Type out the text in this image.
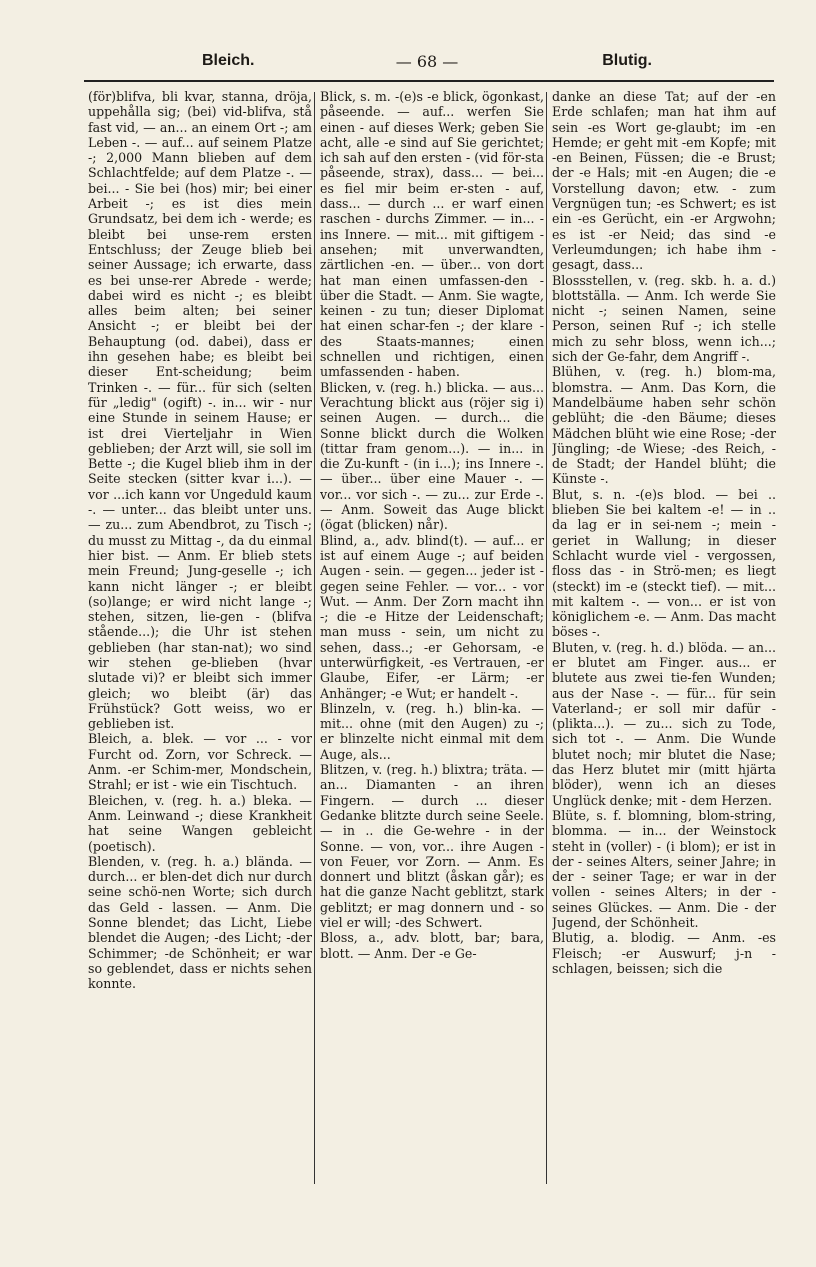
Bleich.	— 68 —	Blutig.

(för)blifva, bli kvar, stanna, dröja, uppehålla sig; (bei) vid-blifva, stå fast vid, — an... an einem Ort -; am Leben -. — auf... auf seinem Platze -; 2,000 Mann blieben auf dem Schlachtfelde; auf dem Platze -. — bei... - Sie bei (hos) mir; bei einer Arbeit -; es ist dies mein Grundsatz, bei dem ich - werde; es bleibt bei unse-rem ersten Entschluss; der Zeuge blieb bei seiner Aussage; ich erwarte, dass es bei unse-rer Abrede - werde; dabei wird es nicht -; es bleibt alles beim alten; bei seiner Ansicht -; er bleibt bei der Behauptung (od. dabei), dass er ihn gesehen habe; es bleibt bei dieser Ent-scheidung; beim Trinken -. — für... für sich (selten für „ledig" (ogift) -. in... wir - nur eine Stunde in seinem Hause; er ist drei Vierteljahr in Wien geblieben; der Arzt will, sie soll im Bette -; die Kugel blieb ihm in der Seite stecken (sitter kvar i...). — vor ...ich kann vor Ungeduld kaum -. — unter... das bleibt unter uns. — zu... zum Abendbrot, zu Tisch -; du musst zu Mittag -, da du einmal hier bist. — Anm. Er blieb stets mein Freund; Jung-geselle -; ich kann nicht länger -; er bleibt (so)lange; er wird nicht lange -; stehen, sitzen, lie-gen - (blifva stående...); die Uhr ist stehen geblieben (har stan-nat); wo sind wir stehen ge-blieben (hvar slutade vi)? er bleibt sich immer gleich; wo bleibt (är) das Frühstück? Gott weiss, wo er geblieben ist.

Bleich, a. blek. — vor ... - vor Furcht od. Zorn, vor Schreck. — Anm. -er Schim-mer, Mondschein, Strahl; er ist - wie ein Tischtuch.

Bleichen, v. (reg. h. a.) bleka. — Anm. Leinwand -; diese Krankheit hat seine Wangen gebleicht (poetisch).

Blenden, v. (reg. h. a.) blända. — durch... er blen-det dich nur durch seine schö-nen Worte; sich durch das Geld - lassen. — Anm. Die Sonne blendet; das Licht, Liebe blendet die Augen; -des Licht; -der Schimmer; -de Schönheit; er war so geblendet, dass er nichts sehen konnte.

Blick, s. m. -(e)s -e blick, ögonkast, påseende. — auf... werfen Sie einen - auf dieses Werk; geben Sie acht, alle -e sind auf Sie gerichtet; ich sah auf den ersten - (vid för-sta påseende, strax), dass... — bei... es fiel mir beim er-sten - auf, dass... — durch ... er warf einen raschen - durchs Zimmer. — in... - ins Innere. — mit... mit giftigem - ansehen; mit unverwandten, zärtlichen -en. — über... von dort hat man einen umfassen-den - über die Stadt. — Anm. Sie wagte, keinen - zu tun; dieser Diplomat hat einen schar-fen -; der klare - des Staats-mannes; einen schnellen und richtigen, einen umfassenden - haben.

Blicken, v. (reg. h.) blicka. — aus... Verachtung blickt aus (röjer sig i) seinen Augen. — durch... die Sonne blickt durch die Wolken (tittar fram genom...). — in... in die Zu-kunft - (in i...); ins Innere -. — über... über eine Mauer -. — vor... vor sich -. — zu... zur Erde -. — Anm. Soweit das Auge blickt (ögat (blicken) når).

Blind, a., adv. blind(t). — auf... er ist auf einem Auge -; auf beiden Augen - sein. — gegen... jeder ist - gegen seine Fehler. — vor... - vor Wut. — Anm. Der Zorn macht ihn -; die -e Hitze der Leidenschaft; man muss - sein, um nicht zu sehen, dass..; -er Gehorsam, -e unterwürfigkeit, -es Vertrauen, -er Glaube, Eifer, -er Lärm; -er Anhänger; -e Wut; er handelt -.

Blinzeln, v. (reg. h.) blin-ka. — mit... ohne (mit den Augen) zu -; er blinzelte nicht einmal mit dem Auge, als...

Blitzen, v. (reg. h.) blixtra; träta. — an... Diamanten - an ihren Fingern. — durch ... dieser Gedanke blitzte durch seine Seele. — in .. die Ge-wehre - in der Sonne. — von, vor... ihre Augen - von Feuer, vor Zorn. — Anm. Es donnert und blitzt (åskan går); es hat die ganze Nacht geblitzt, stark geblitzt; er mag donnern und - so viel er will; -des Schwert.

Bloss, a., adv. blott, bar; bara, blott. — Anm. Der -e Ge-

danke an diese Tat; auf der -en Erde schlafen; man hat ihm auf sein -es Wort ge-glaubt; im -en Hemde; er geht mit -em Kopfe; mit -en Beinen, Füssen; die -e Brust; der -e Hals; mit -en Augen; die -e Vorstellung davon; etw. - zum Vergnügen tun; -es Schwert; es ist ein -es Gerücht, ein -er Argwohn; es ist -er Neid; das sind -e Verleumdungen; ich habe ihm - gesagt, dass...

Blossstellen, v. (reg. skb. h. a. d.) blottställa. — Anm. Ich werde Sie nicht -; seinen Namen, seine Person, seinen Ruf -; ich stelle mich zu sehr bloss, wenn ich...; sich der Ge-fahr, dem Angriff -.

Blühen, v. (reg. h.) blom-ma, blomstra. — Anm. Das Korn, die Mandelbäume haben sehr schön geblüht; die -den Bäume; dieses Mädchen blüht wie eine Rose; -der Jüngling; -de Wiese; -des Reich, -de Stadt; der Handel blüht; die Künste -.

Blut, s. n. -(e)s blod. — bei .. blieben Sie bei kaltem -e! — in .. da lag er in sei-nem -; mein - geriet in Wallung; in dieser Schlacht wurde viel - vergossen, floss das - in Strö-men; es liegt (steckt) im -e (steckt tief). — mit... mit kaltem -. — von... er ist von königlichem -e. — Anm. Das macht böses -.

Bluten, v. (reg. h. d.) blöda. — an... er blutet am Finger. aus... er blutete aus zwei tie-fen Wunden; aus der Nase -. — für... für sein Vaterland-; er soll mir dafür - (plikta...). — zu... sich zu Tode, sich tot -. — Anm. Die Wunde blutet noch; mir blutet die Nase; das Herz blutet mir (mitt hjärta blöder), wenn ich an dieses Unglück denke; mit - dem Herzen.

Blüte, s. f. blomning, blom-string, blomma. — in... der Weinstock steht in (voller) - (i blom); er ist in der - seines Alters, seiner Jahre; in der - seiner Tage; er war in der vollen - seines Alters; in der - seines Glückes. — Anm. Die - der Jugend, der Schönheit.

Blutig, a. blodig. — Anm. -es Fleisch; -er Auswurf; j-n - schlagen, beissen; sich die
